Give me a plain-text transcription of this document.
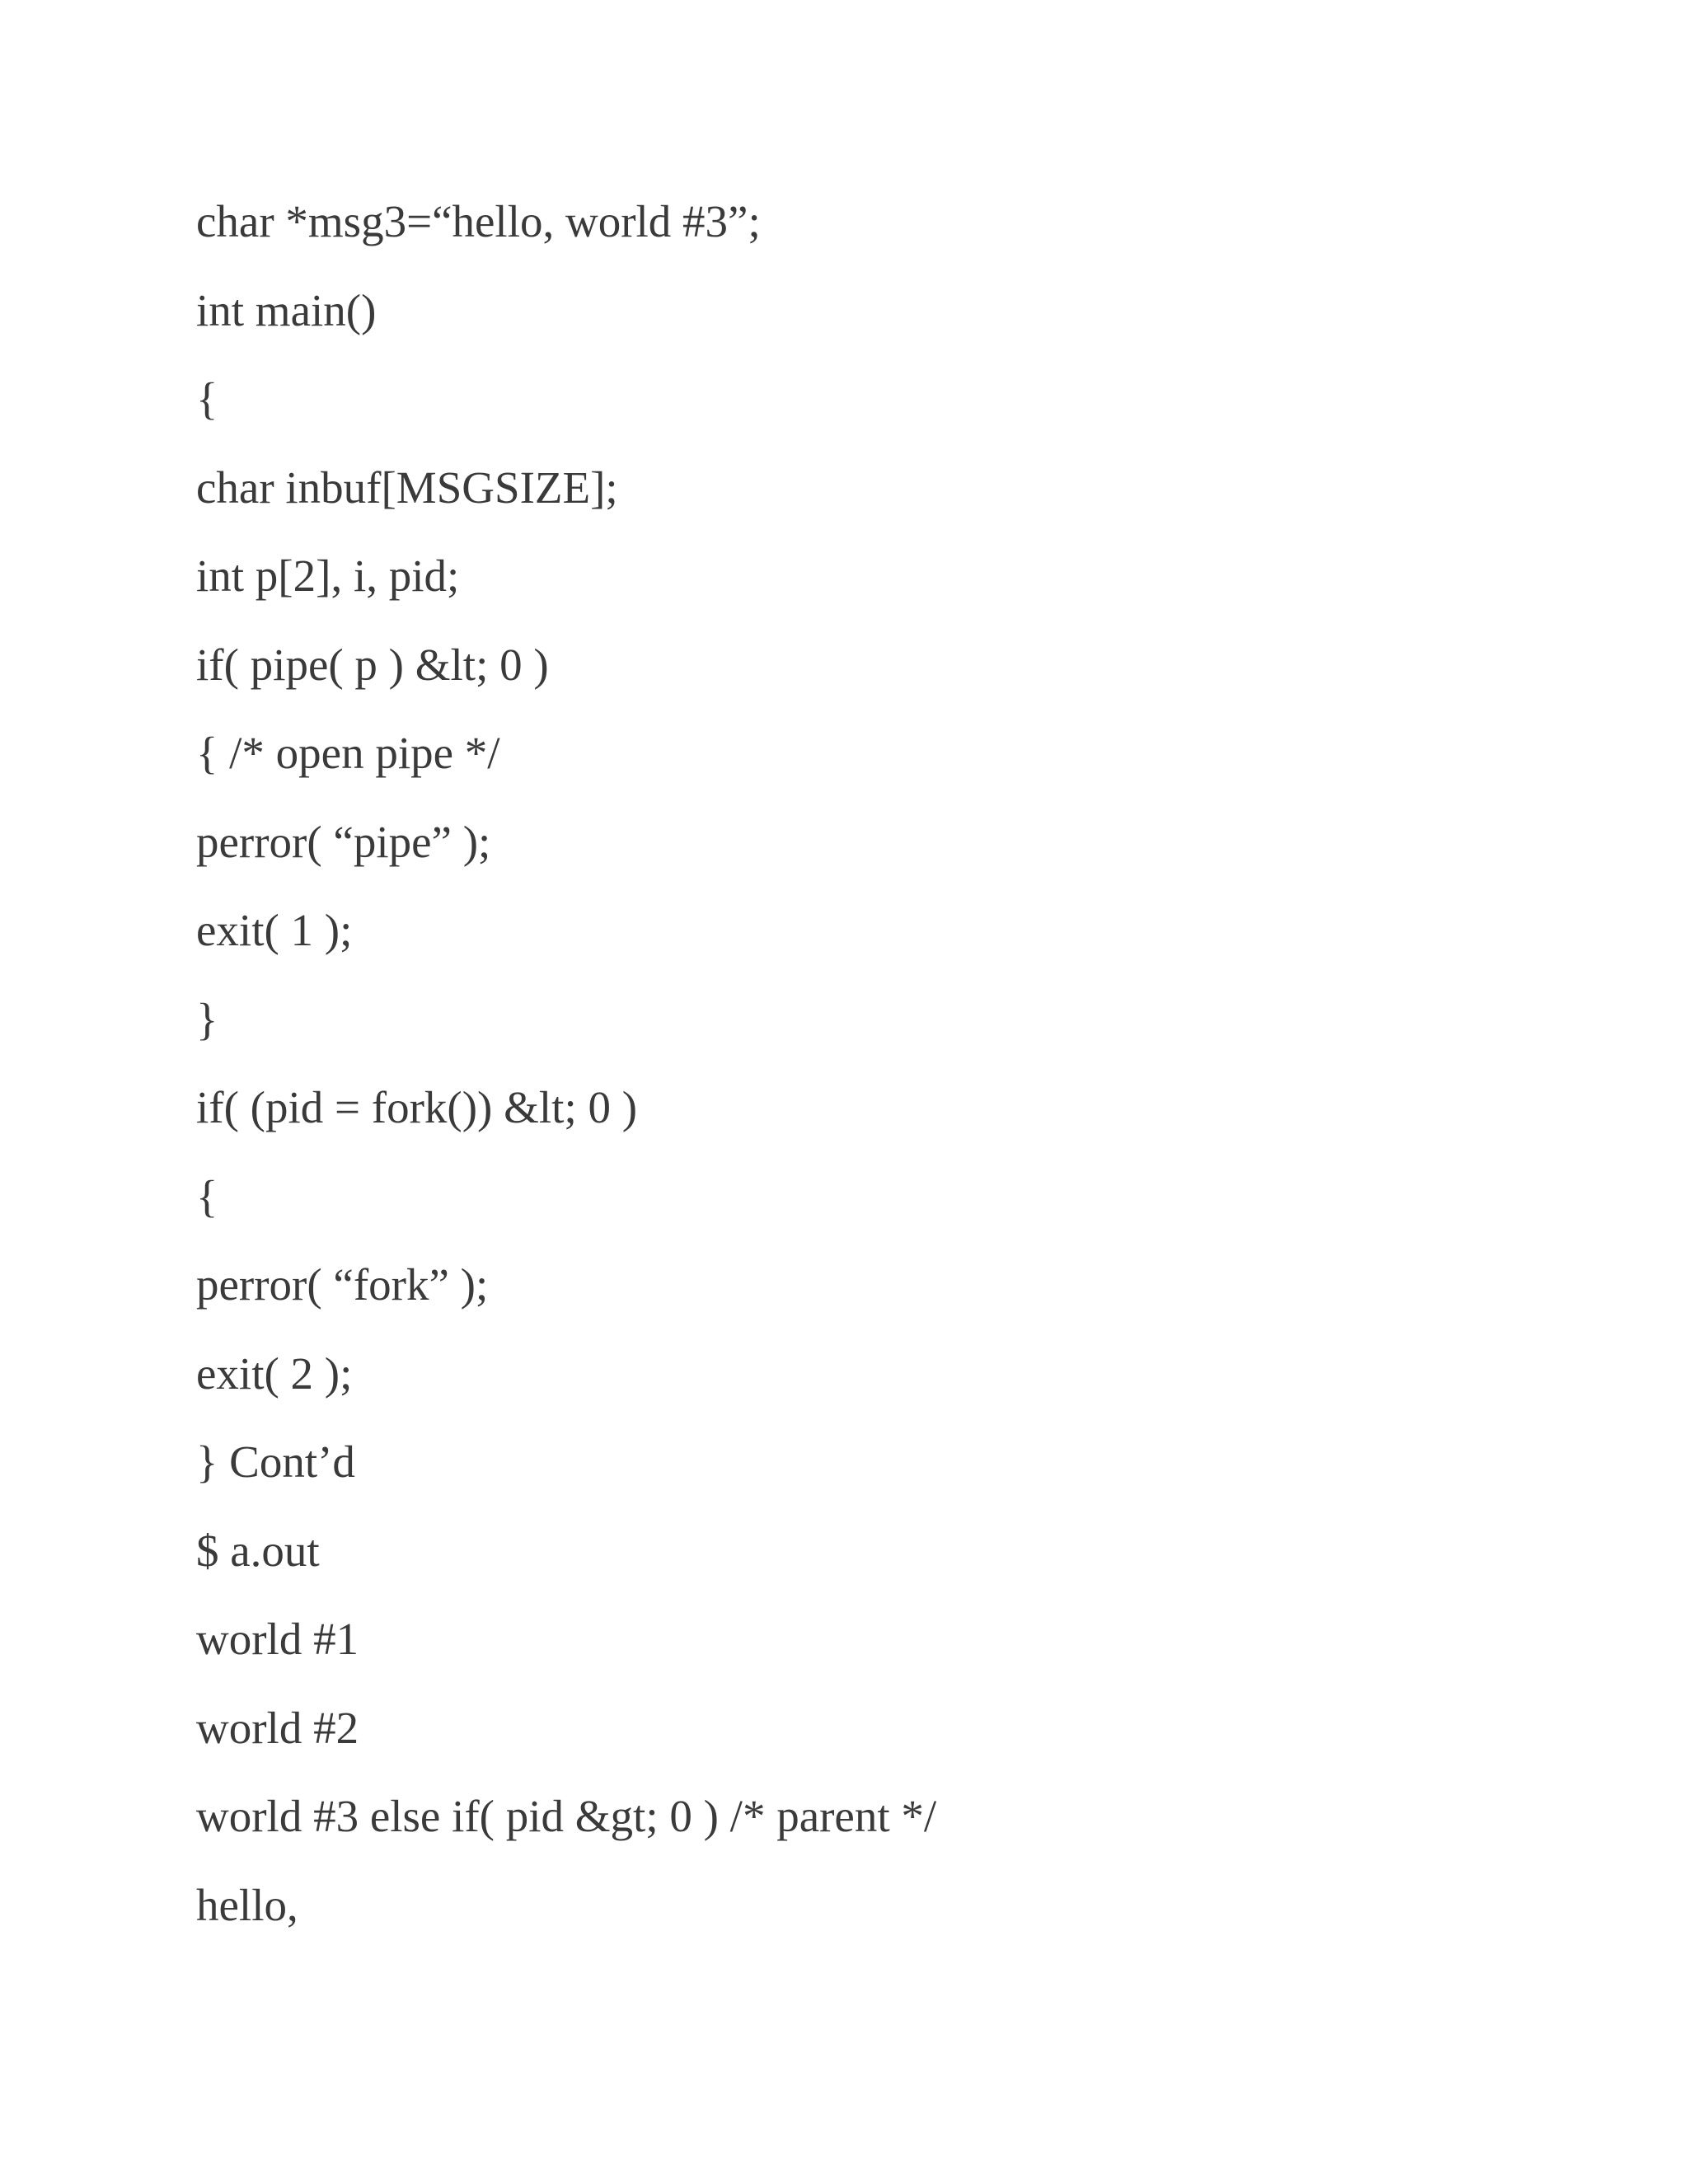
char *msg3=“hello, world #3”;
int main()
{
char inbuf[MSGSIZE];
int p[2], i, pid;
if( pipe( p ) &lt; 0 )
{ /* open pipe */
perror( “pipe” );
exit( 1 );
}
if( (pid = fork()) &lt; 0 )
{
perror( “fork” );
exit( 2 );
} Cont’d
$ a.out
world #1
world #2
world #3 else if( pid &gt; 0 ) /* parent */
hello,
